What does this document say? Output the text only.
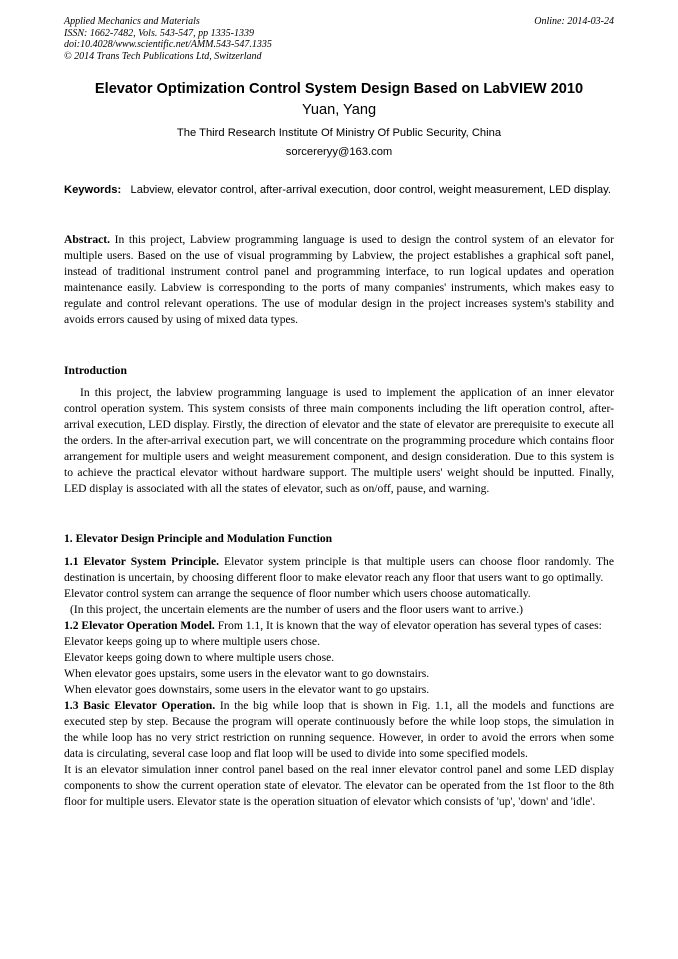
Applied Mechanics and Materials
ISSN: 1662-7482, Vols. 543-547, pp 1335-1339
doi:10.4028/www.scientific.net/AMM.543-547.1335
© 2014 Trans Tech Publications Ltd, Switzerland
Online: 2014-03-24
Elevator Optimization Control System Design Based on LabVIEW 2010
Yuan, Yang
The Third Research Institute Of Ministry Of Public Security, China
sorcereryy@163.com
Keywords: Labview, elevator control, after-arrival execution, door control, weight measurement, LED display.
Abstract. In this project, Labview programming language is used to design the control system of an elevator for multiple users. Based on the use of visual programming by Labview, the project establishes a graphical soft panel, instead of traditional instrument control panel and programming interface, to run logical updates and operation maintenance easily. Labview is corresponding to the ports of many companies' instruments, which makes easy to regulate and control relevant operations. The use of modular design in the project increases system's stability and avoids errors caused by using of mixed data types.
Introduction
In this project, the labview programming language is used to implement the application of an inner elevator control operation system. This system consists of three main components including the lift operation control, after-arrival execution, LED display. Firstly, the direction of elevator and the state of elevator are prerequisite to execute all the orders. In the after-arrival execution part, we will concentrate on the programming procedure which contains floor arrangement for multiple users and weight measurement component, and design consideration. Due to this system is to achieve the practical elevator without hardware support. The multiple users' weight should be inputted. Finally, LED display is associated with all the states of elevator, such as on/off, pause, and warning.
1. Elevator Design Principle and Modulation Function

1.1 Elevator System Principle. Elevator system principle is that multiple users can choose floor randomly. The destination is uncertain, by choosing different floor to make elevator reach any floor that users want to go optimally.

Elevator control system can arrange the sequence of floor number which users choose automatically.

(In this project, the uncertain elements are the number of users and the floor users want to arrive.)

1.2 Elevator Operation Model. From 1.1, It is known that the way of elevator operation has several types of cases:

Elevator keeps going up to where multiple users chose.

Elevator keeps going down to where multiple users chose.

When elevator goes upstairs, some users in the elevator want to go downstairs.

When elevator goes downstairs, some users in the elevator want to go upstairs.

1.3 Basic Elevator Operation. In the big while loop that is shown in Fig. 1.1, all the models and functions are executed step by step. Because the program will operate continuously before the while loop stops, the simulation in the while loop has no very strict restriction on running sequence. However, in order to avoid the errors when some data is circulating, several case loop and flat loop will be used to divide into some specified models.

It is an elevator simulation inner control panel based on the real inner elevator control panel and some LED display components to show the current operation state of elevator. The elevator can be operated from the 1st floor to the 8th floor for multiple users. Elevator state is the operation situation of elevator which consists of 'up', 'down' and 'idle'.
